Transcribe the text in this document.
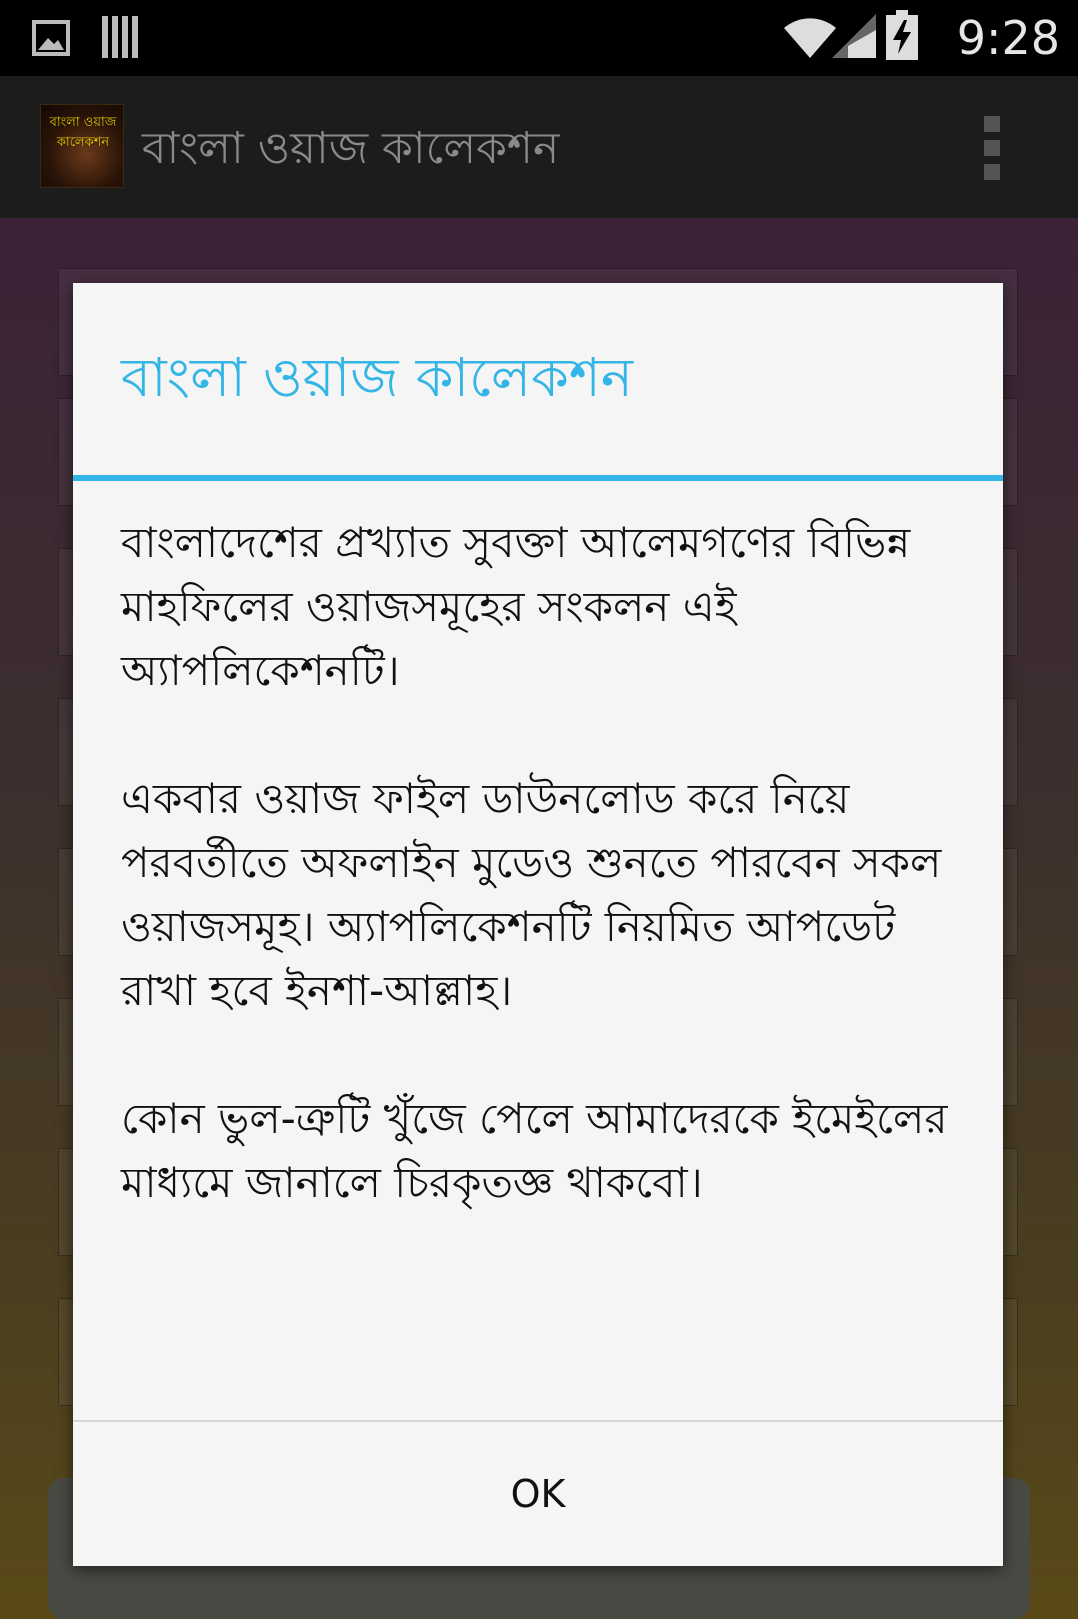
9:28
বাংলা ওয়াজ কালেকশন বাংলা ওয়াজ কালেকশন
বাংলা ওয়াজ কালেকশন

বাংলাদেশের প্রখ্যাত সুবক্তা আলেমগণের বিভিন্ন মাহফিলের ওয়াজসমূহের সংকলন এই অ্যাপলিকেশনটি।

একবার ওয়াজ ফাইল ডাউনলোড করে নিয়ে পরবর্তীতে অফলাইন মুডেও শুনতে পারবেন সকল ওয়াজসমূহ। অ্যাপলিকেশনটি নিয়মিত আপডেট রাখা হবে ইনশা-আল্লাহ।

কোন ভুল-ত্রুটি খুঁজে পেলে আমাদেরকে ইমেইলের মাধ্যমে জানালে চিরকৃতজ্ঞ থাকবো।

OK
